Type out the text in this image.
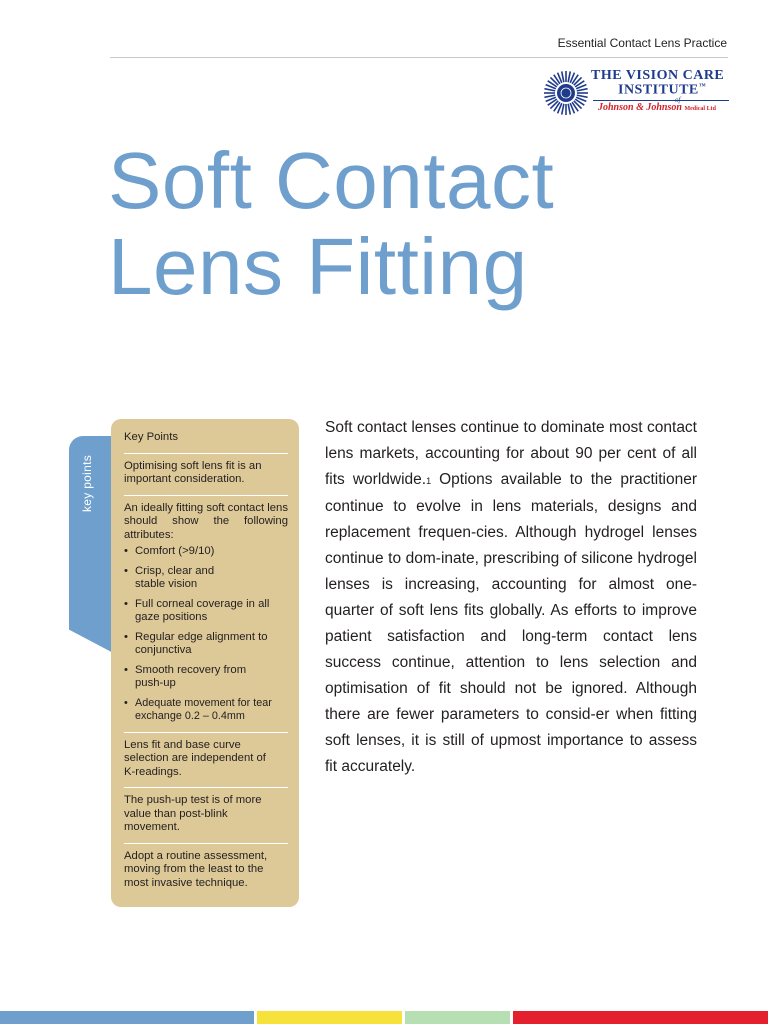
Essential Contact Lens Practice
THE VISION CARE
INSTITUTE™
Johnson & Johnson Medical Ltd
Soft Contact
Lens Fitting
key points
Key Points

Optimising soft lens fit is an important consideration.

An ideally fitting soft contact lens should show the following attributes:

• Comfort (>9/10)
• Crisp, clear and stable vision
• Full corneal coverage in all gaze positions
• Regular edge alignment to conjunctiva
• Smooth recovery from push-up
• Adequate movement for tear exchange 0.2 – 0.4mm

Lens fit and base curve selection are independent of K-readings.

The push-up test is of more value than post-blink movement.

Adopt a routine assessment, moving from the least to the most invasive technique.

Soft contact lenses continue to dominate most contact lens markets, accounting for about 90 per cent of all fits worldwide.1 Options available to the practitioner continue to evolve in lens materials, designs and replacement frequen-cies. Although hydrogel lenses continue to dom-inate, prescribing of silicone hydrogel lenses is increasing, accounting for almost one-quarter of soft lens fits globally. As efforts to improve patient satisfaction and long-term contact lens success continue, attention to lens selection and optimisation of fit should not be ignored. Although there are fewer parameters to consid-er when fitting soft lenses, it is still of upmost importance to assess fit accurately.
